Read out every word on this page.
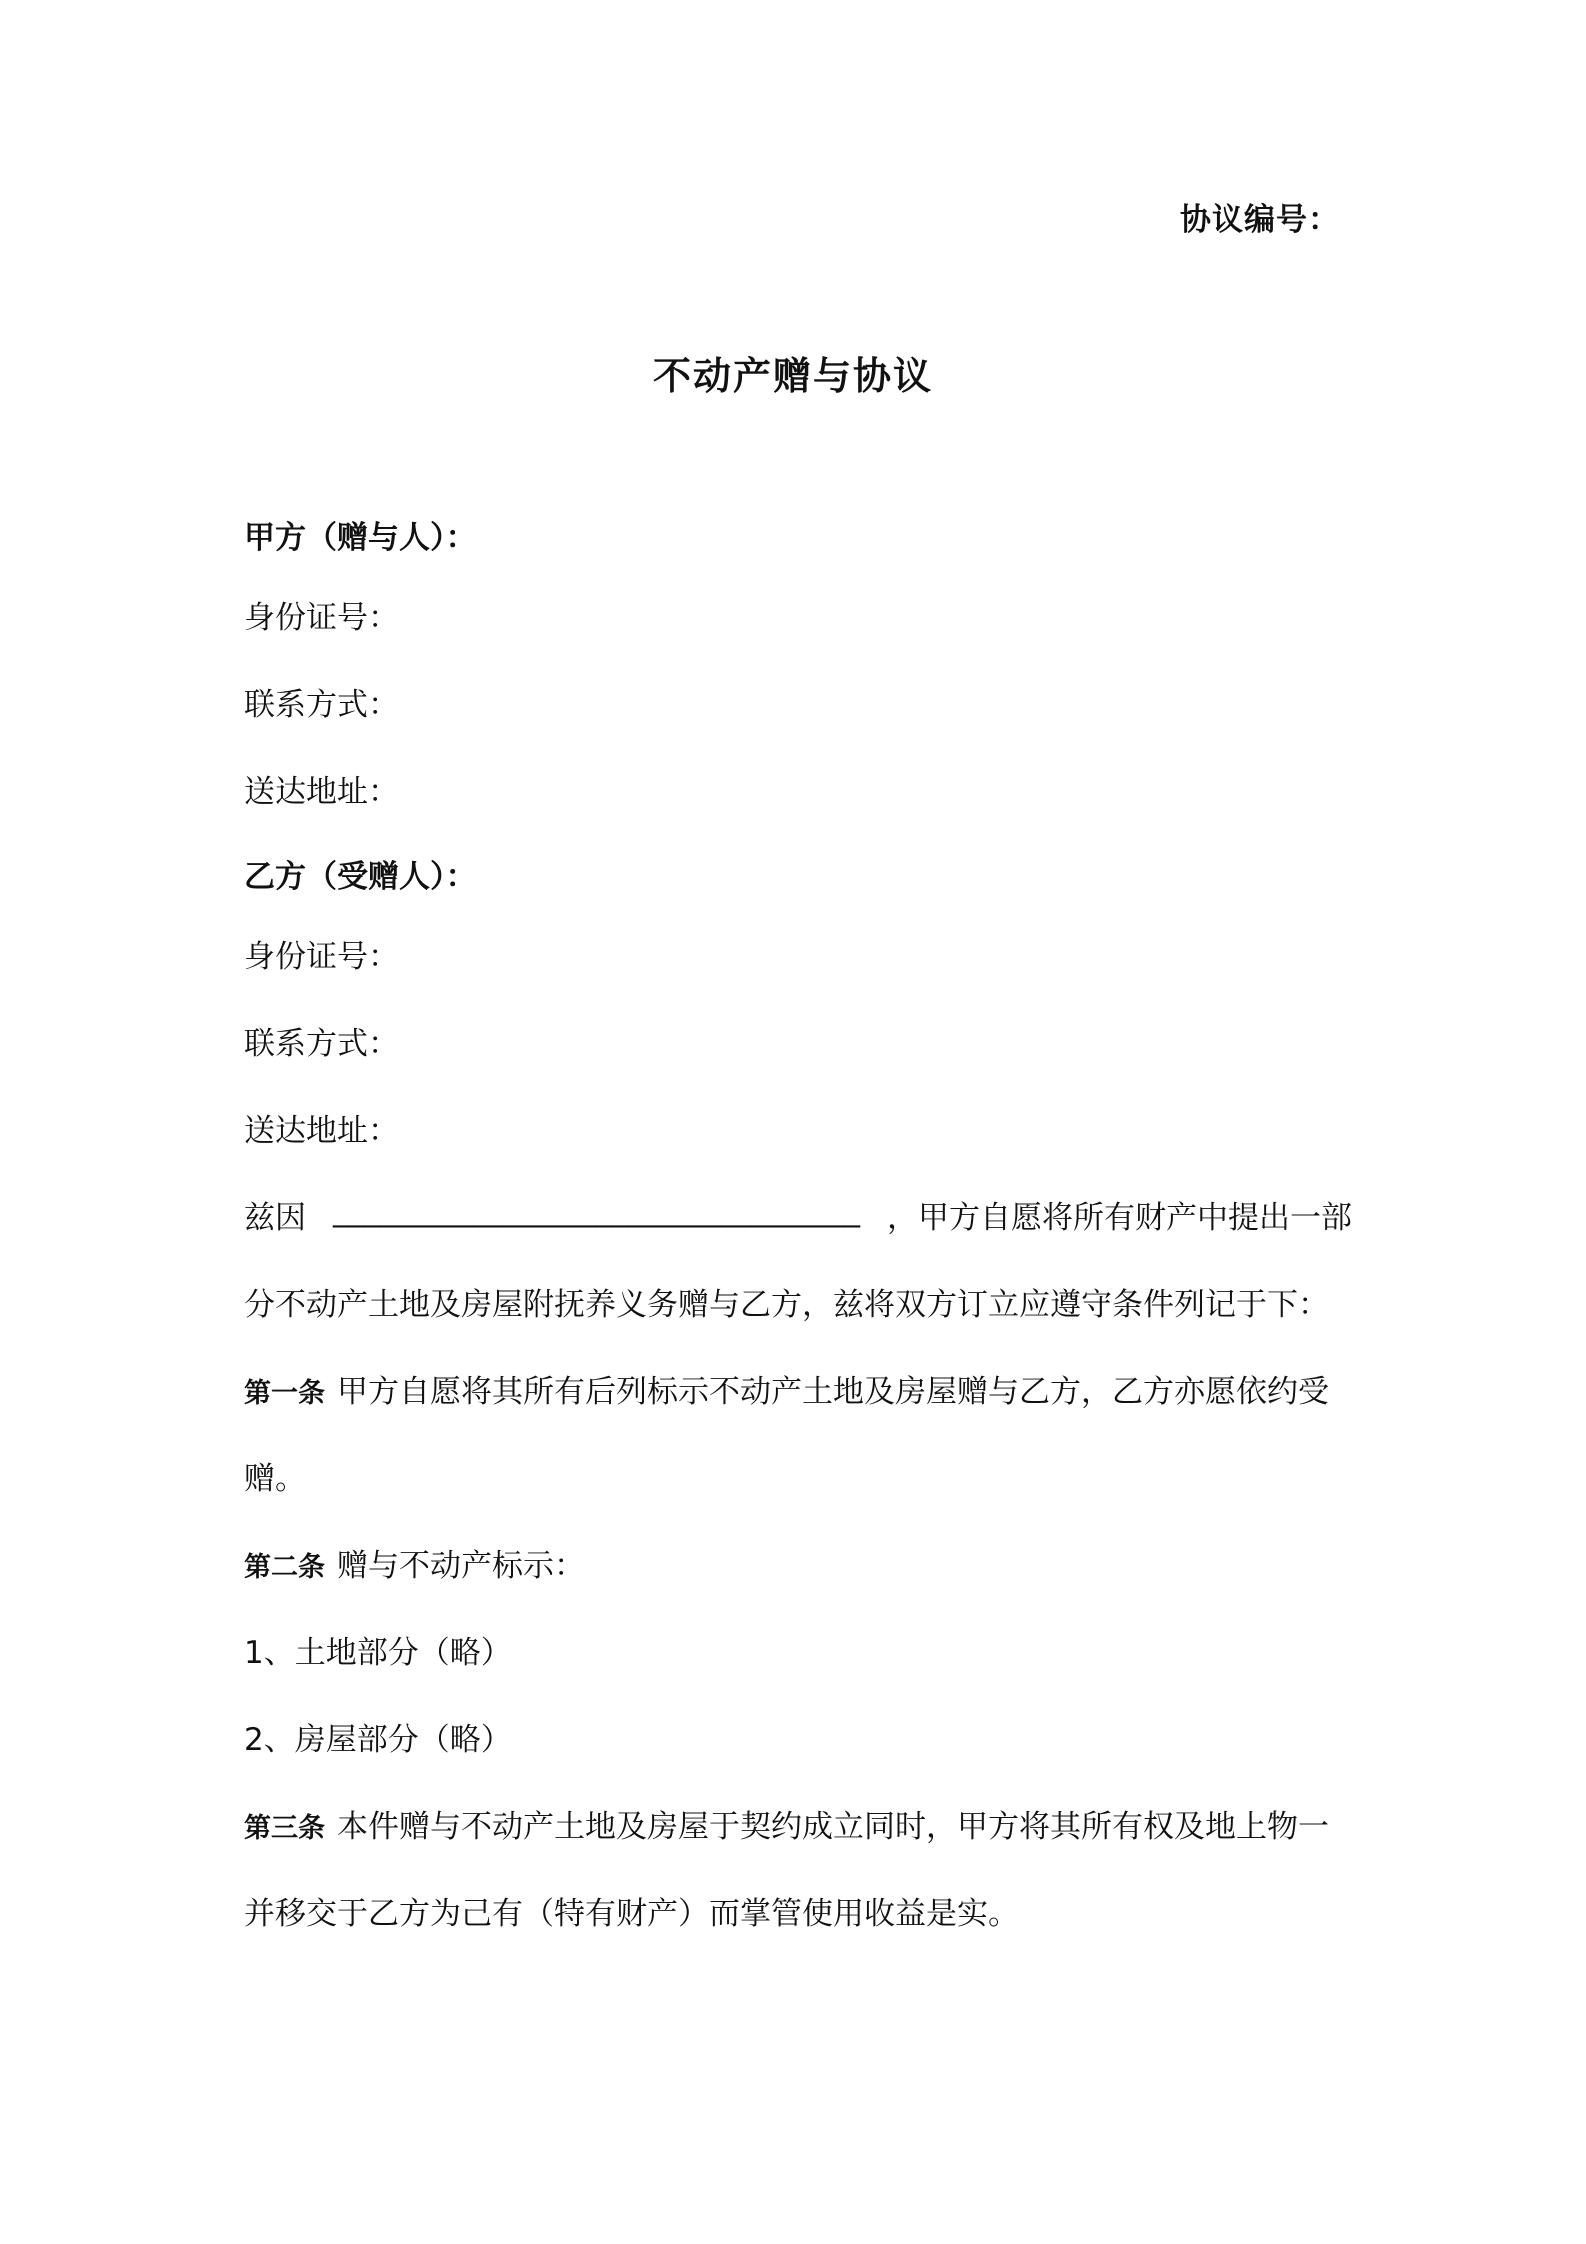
协议编号：
不动产赠与协议
甲方（赠与人）：
身份证号：
联系方式：
送达地址：
乙方（受赠人）：
身份证号：
联系方式：
送达地址：
兹因 __________________________________ ，甲方自愿将所有财产中提出一部
分不动产土地及房屋附抚养义务赠与乙方，兹将双方订立应遵守条件列记于下：
第一条 甲方自愿将其所有后列标示不动产土地及房屋赠与乙方，乙方亦愿依约受
赠。
第二条 赠与不动产标示：
1、土地部分（略）
2、房屋部分（略）
第三条 本件赠与不动产土地及房屋于契约成立同时，甲方将其所有权及地上物一
并移交于乙方为己有（特有财产）而掌管使用收益是实。
